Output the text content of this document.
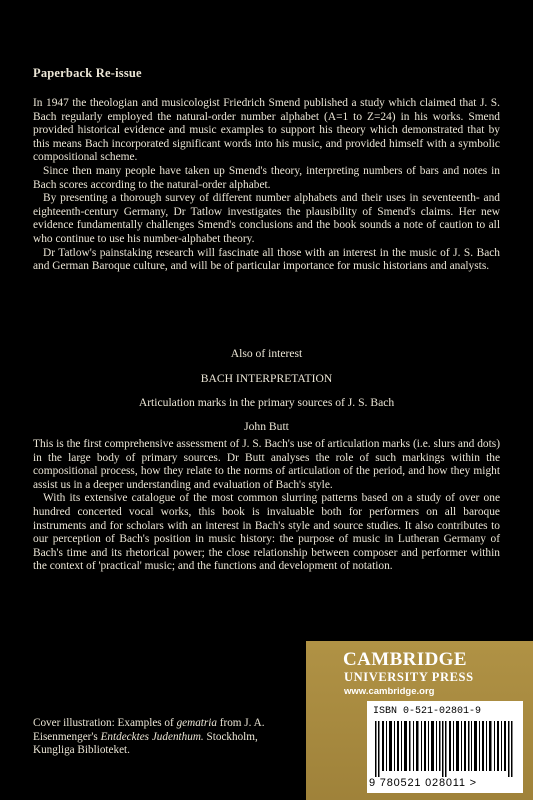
Paperback Re-issue

In 1947 the theologian and musicologist Friedrich Smend published a study which claimed that J. S. Bach regularly employed the natural-order number alphabet (A=1 to Z=24) in his works. Smend provided historical evidence and music examples to support his theory which demonstrated that by this means Bach incorporated significant words into his music, and provided himself with a symbolic compositional scheme.

Since then many people have taken up Smend's theory, interpreting numbers of bars and notes in Bach scores according to the natural-order alphabet.

By presenting a thorough survey of different number alphabets and their uses in seventeenth- and eighteenth-century Germany, Dr Tatlow investigates the plausibility of Smend's claims. Her new evidence fundamentally challenges Smend's conclusions and the book sounds a note of caution to all who continue to use his number-alphabet theory.

Dr Tatlow's painstaking research will fascinate all those with an interest in the music of J. S. Bach and German Baroque culture, and will be of particular importance for music historians and analysts.

Also of interest
BACH INTERPRETATION
Articulation marks in the primary sources of J. S. Bach
John Butt

This is the first comprehensive assessment of J. S. Bach's use of articulation marks (i.e. slurs and dots) in the large body of primary sources. Dr Butt analyses the role of such markings within the compositional process, how they relate to the norms of articulation of the period, and how they might assist us in a deeper understanding and evaluation of Bach's style.

With its extensive catalogue of the most common slurring patterns based on a study of over one hundred concerted vocal works, this book is invaluable both for performers on all baroque instruments and for scholars with an interest in Bach's style and source studies. It also contributes to our perception of Bach's position in music history: the purpose of music in Lutheran Germany of Bach's time and its rhetorical power; the close relationship between composer and performer within the context of 'practical' music; and the functions and development of notation.

Cover illustration: Examples of gematria from J. A. Eisenmenger's Entdecktes Judenthum. Stockholm, Kungliga Biblioteket.
CAMBRIDGE
UNIVERSITY PRESS
www.cambridge.org
ISBN 0-521-02801-9
9 780521 028011 >
